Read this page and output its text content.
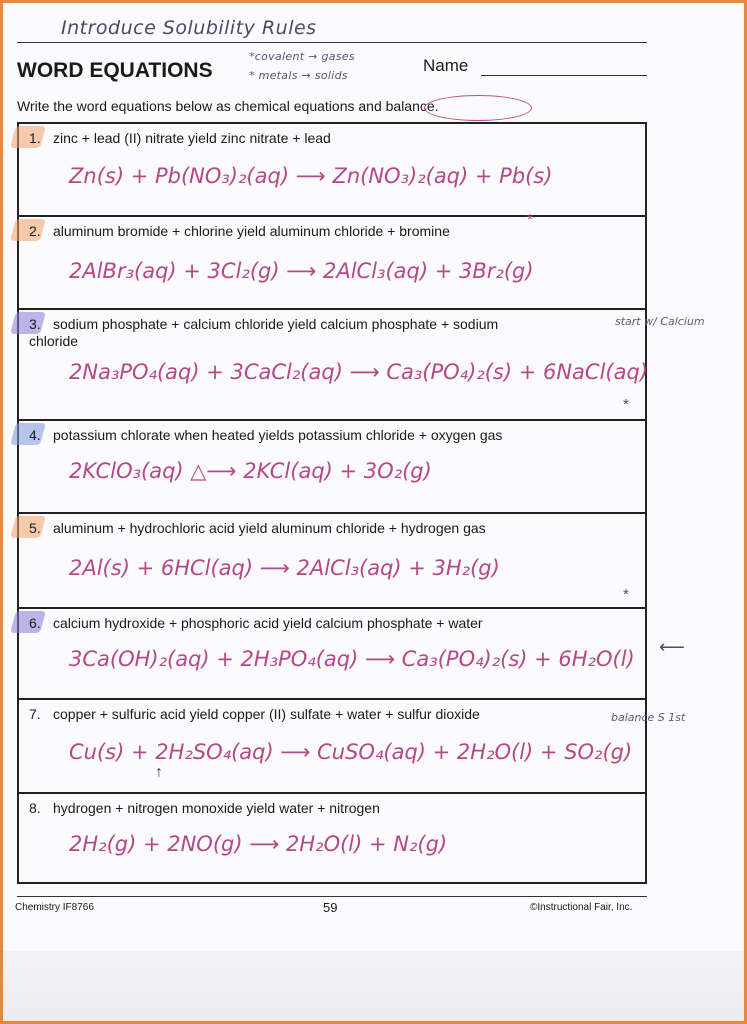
Introduce Solubility Rules
WORD EQUATIONS
*covalent → gases
* metals → solids
Name
Write the word equations below as chemical equations and balance.
1. zinc + lead (II) nitrate yield zinc nitrate + lead
Zn(s) + Pb(NO₃)₂(aq) ⟶ Zn(NO₃)₂(aq) + Pb(s)
2. aluminum bromide + chlorine yield aluminum chloride + bromine
2AlBr₃(aq) + 3Cl₂(g) ⟶ 2AlCl₃(aq) + 3Br₂(g)
*
3. sodium phosphate + calcium chloride yield calcium phosphate + sodium chloride
2Na₃PO₄(aq) + 3CaCl₂(aq) ⟶ Ca₃(PO₄)₂(s) + 6NaCl(aq)
*
4. potassium chlorate when heated yields potassium chloride + oxygen gas
2KClO₃(aq) △⟶ 2KCl(aq) + 3O₂(g)
5. aluminum + hydrochloric acid yield aluminum chloride + hydrogen gas
2Al(s) + 6HCl(aq) ⟶ 2AlCl₃(aq) + 3H₂(g)
*
6. calcium hydroxide + phosphoric acid yield calcium phosphate + water
3Ca(OH)₂(aq) + 2H₃PO₄(aq) ⟶ Ca₃(PO₄)₂(s) + 6H₂O(l)
7. copper + sulfuric acid yield copper (II) sulfate + water + sulfur dioxide
Cu(s) + 2H₂SO₄(aq) ⟶ CuSO₄(aq) + 2H₂O(l) + SO₂(g)
↑
8. hydrogen + nitrogen monoxide yield water + nitrogen
2H₂(g) + 2NO(g) ⟶ 2H₂O(l) + N₂(g)
start w/ Calcium
balance S 1st
⟵
Chemistry IF8766	59	©Instructional Fair, Inc.
